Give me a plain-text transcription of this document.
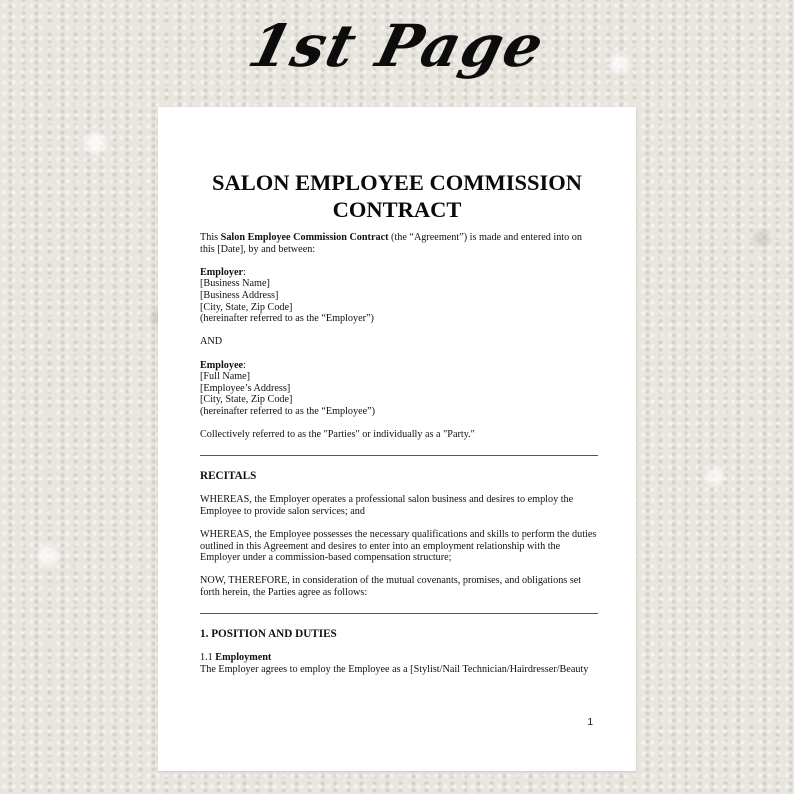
1st Page
SALON EMPLOYEE COMMISSION CONTRACT

This Salon Employee Commission Contract (the “Agreement”) is made and entered into on
this [Date], by and between:

Employer:
[Business Name]
[Business Address]
[City, State, Zip Code]
(hereinafter referred to as the “Employer”)

AND

Employee:
[Full Name]
[Employee’s Address]
[City, State, Zip Code]
(hereinafter referred to as the “Employee”)

Collectively referred to as the "Parties" or individually as a "Party."

RECITALS

WHEREAS, the Employer operates a professional salon business and desires to employ the
Employee to provide salon services; and

WHEREAS, the Employee possesses the necessary qualifications and skills to perform the duties
outlined in this Agreement and desires to enter into an employment relationship with the
Employer under a commission-based compensation structure;

NOW, THEREFORE, in consideration of the mutual covenants, promises, and obligations set
forth herein, the Parties agree as follows:

1. POSITION AND DUTIES

1.1 Employment
The Employer agrees to employ the Employee as a [Stylist/Nail Technician/Hairdresser/Beauty

1
